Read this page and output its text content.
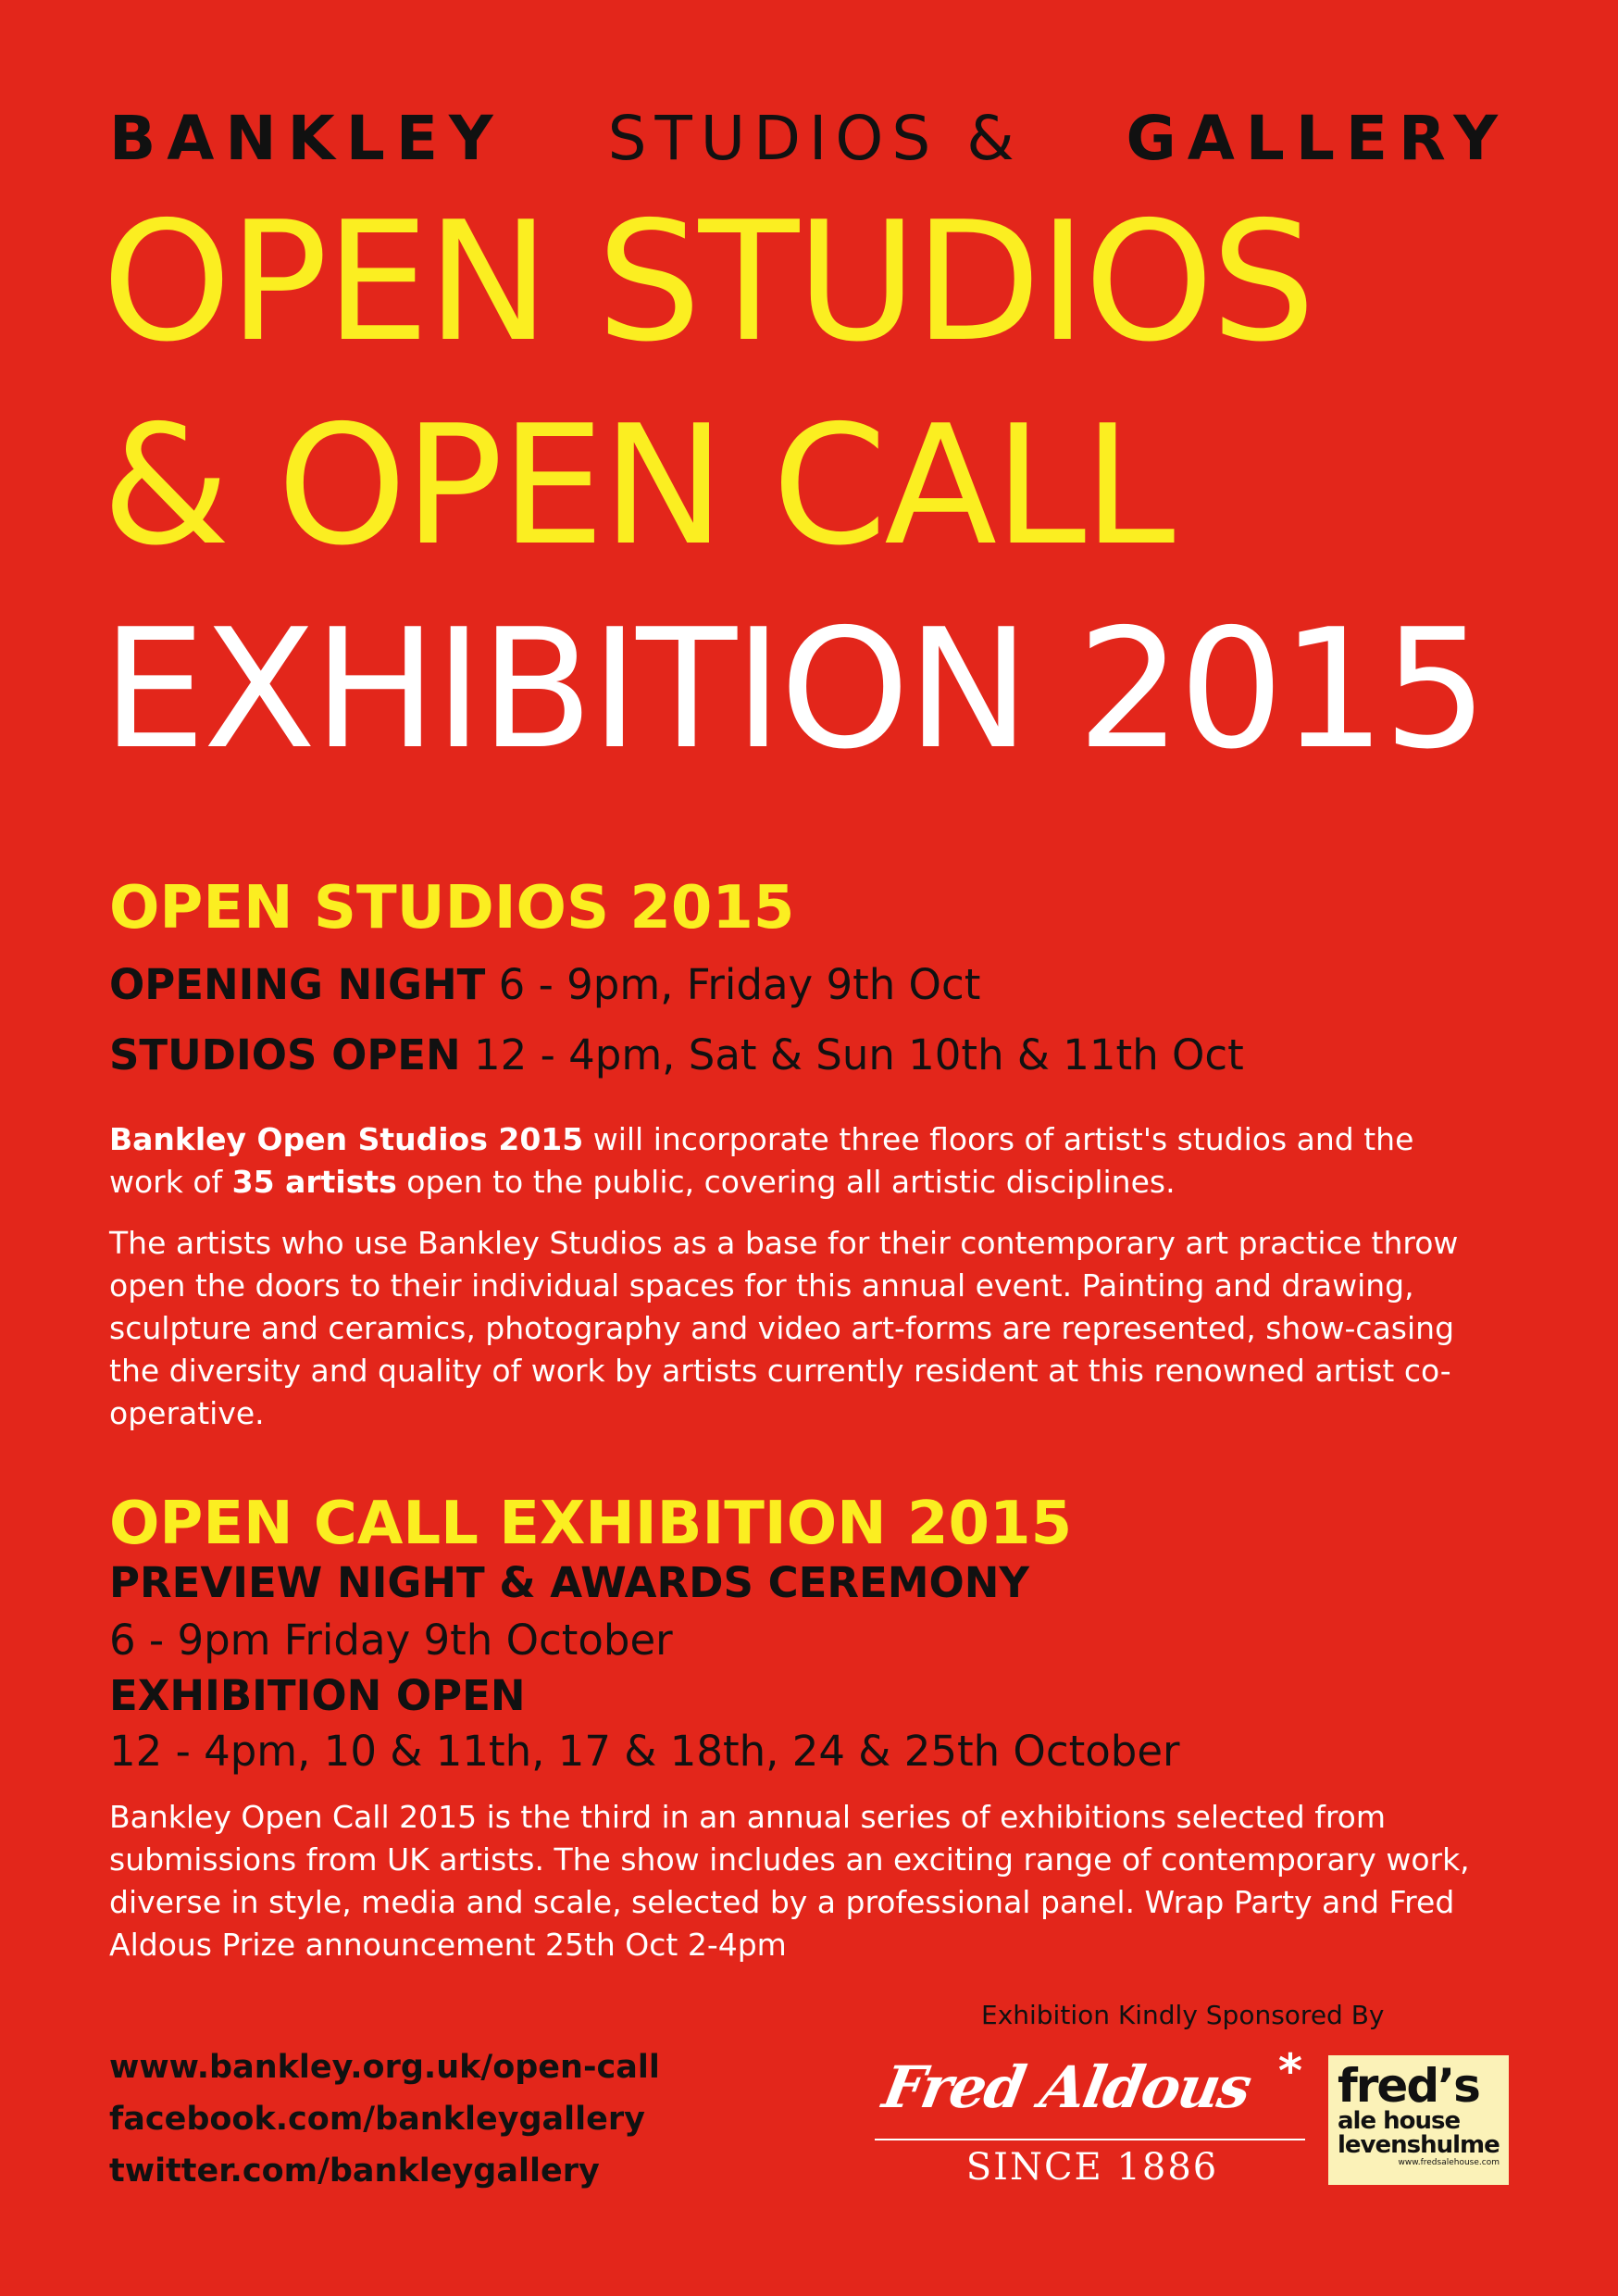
BANKLEY STUDIOS & GALLERY
OPEN STUDIOS
& OPEN CALL
EXHIBITION 2015
OPEN STUDIOS 2015
OPENING NIGHT 6 - 9pm, Friday 9th Oct
STUDIOS OPEN 12 - 4pm, Sat & Sun 10th & 11th Oct
Bankley Open Studios 2015 will incorporate three floors of artist's studios and the work of 35 artists open to the public, covering all artistic disciplines.
The artists who use Bankley Studios as a base for their contemporary art practice throw open the doors to their individual spaces for this annual event. Painting and drawing, sculpture and ceramics, photography and video art-forms are represented, show-casing the diversity and quality of work by artists currently resident at this renowned artist co-operative.
OPEN CALL EXHIBITION 2015
PREVIEW NIGHT & AWARDS CEREMONY
6 - 9pm Friday 9th October
EXHIBITION OPEN
12 - 4pm, 10 & 11th, 17 & 18th, 24 & 25th October
Bankley Open Call 2015 is the third in an annual series of exhibitions selected from submissions from UK artists. The show includes an exciting range of contemporary work, diverse in style, media and scale, selected by a professional panel. Wrap Party and Fred Aldous Prize announcement 25th Oct 2-4pm
www.bankley.org.uk/open-call
facebook.com/bankleygallery
twitter.com/bankleygallery
Exhibition Kindly Sponsored By
Fred Aldous *
SINCE 1886
fred’s
ale house
levenshulme
www.fredsalehouse.com
